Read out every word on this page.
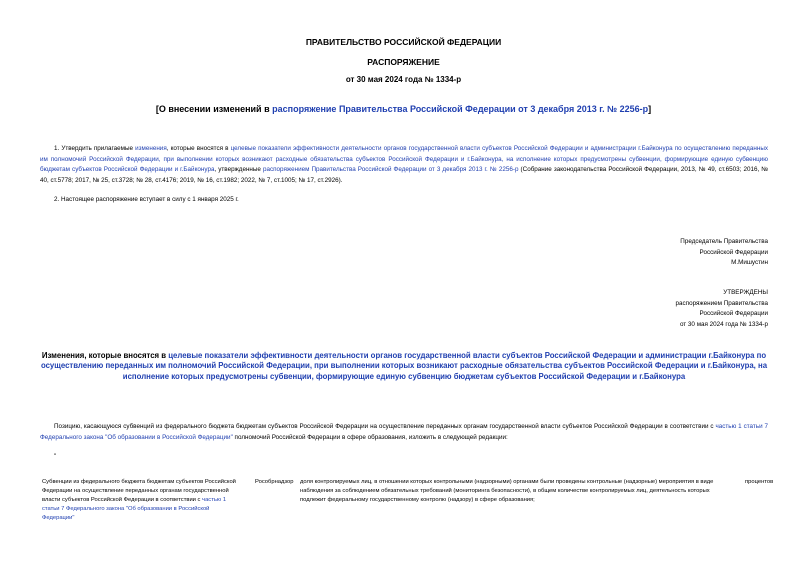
ПРАВИТЕЛЬСТВО РОССИЙСКОЙ ФЕДЕРАЦИИ
РАСПОРЯЖЕНИЕ
от 30 мая 2024 года № 1334-р
[О внесении изменений в распоряжение Правительства Российской Федерации от 3 декабря 2013 г. № 2256-р]
1. Утвердить прилагаемые изменения, которые вносятся в целевые показатели эффективности деятельности органов государственной власти субъектов Российской Федерации и администрации г.Байконура по осуществлению переданных им полномочий Российской Федерации, при выполнении которых возникают расходные обязательства субъектов Российской Федерации и г.Байконура, на исполнение которых предусмотрены субвенции, формирующие единую субвенцию бюджетам субъектов Российской Федерации и г.Байконура, утвержденные распоряжением Правительства Российской Федерации от 3 декабря 2013 г. № 2256-р (Собрание законодательства Российской Федерации, 2013, № 49, ст.6503; 2016, № 40, ст.5778; 2017, № 25, ст.3728; № 28, ст.4176; 2019, № 16, ст.1982; 2022, № 7, ст.1005; № 17, ст.2926).
2. Настоящее распоряжение вступает в силу с 1 января 2025 г.
Председатель Правительства
Российской Федерации
М.Мишустин
УТВЕРЖДЕНЫ
распоряжением Правительства
Российской Федерации
от 30 мая 2024 года № 1334-р
Изменения, которые вносятся в целевые показатели эффективности деятельности органов государственной власти субъектов Российской Федерации и администрации г.Байконура по осуществлению переданных им полномочий Российской Федерации, при выполнении которых возникают расходные обязательства субъектов Российской Федерации и г.Байконура, на исполнение которых предусмотрены субвенции, формирующие единую субвенцию бюджетам субъектов Российской Федерации и г.Байконура
Позицию, касающуюся субвенций из федерального бюджета бюджетам субъектов Российской Федерации на осуществление переданных органам государственной власти субъектов Российской Федерации в соответствии с частью 1 статьи 7 Федерального закона "Об образовании в Российской Федерации" полномочий Российской Федерации в сфере образования, изложить в следующей редакции:
"
Субвенции из федерального бюджета бюджетам субъектов Российской Федерации на осуществление переданных органам государственной власти субъектов Российской Федерации в соответствии с частью 1 статьи 7 Федерального закона "Об образовании в Российской Федерации"
Рособрнадзор доля контролируемых лиц, в отношении которых контрольными (надзорными) органами были проведены контрольные (надзорные) мероприятия в виде наблюдения за соблюдением обязательных требований (мониторинга безопасности), в общем количестве контролируемых лиц, деятельность которых подлежит федеральному государственному контролю (надзору) в сфере образования;
процентов
